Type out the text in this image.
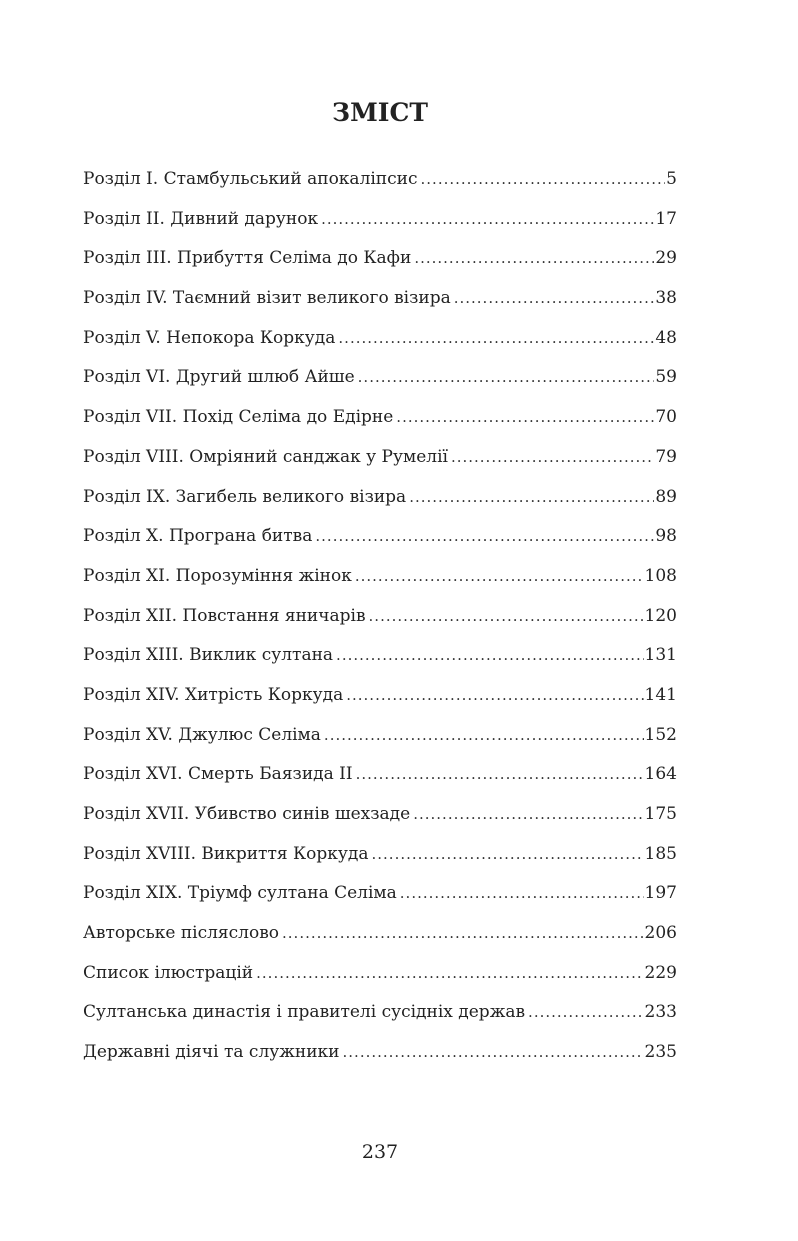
ЗМІСТ
Розділ I. Стамбульський апокаліпсис .....	5
Розділ II. Дивний дарунок .....	17
Розділ III. Прибуття Селіма до Кафи .....	29
Розділ IV. Таємний візит великого візира .....	38
Розділ V. Непокора Коркуда .....	48
Розділ VI. Другий шлюб Айше .....	59
Розділ VII. Похід Селіма до Едірне .....	70
Розділ VIII. Омріяний санджак у Румелії .....	79
Розділ IX. Загибель великого візира .....	89
Розділ X. Програна битва .....	98
Розділ XI. Порозуміння жінок .....	108
Розділ XII. Повстання яничарів .....	120
Розділ XIII. Виклик султана .....	131
Розділ XIV. Хитрість Коркуда .....	141
Розділ XV. Джулюс Селіма .....	152
Розділ XVI. Смерть Баязида II .....	164
Розділ XVII. Убивство синів шехзаде .....	175
Розділ XVIII. Викриття Коркуда .....	185
Розділ XIX. Тріумф султана Селіма .....	197
Авторське післяслово .....	206
Список ілюстрацій .....	229
Султанська династія і правителі сусідніх держав .....	233
Державні діячі та служники .....	235
237
